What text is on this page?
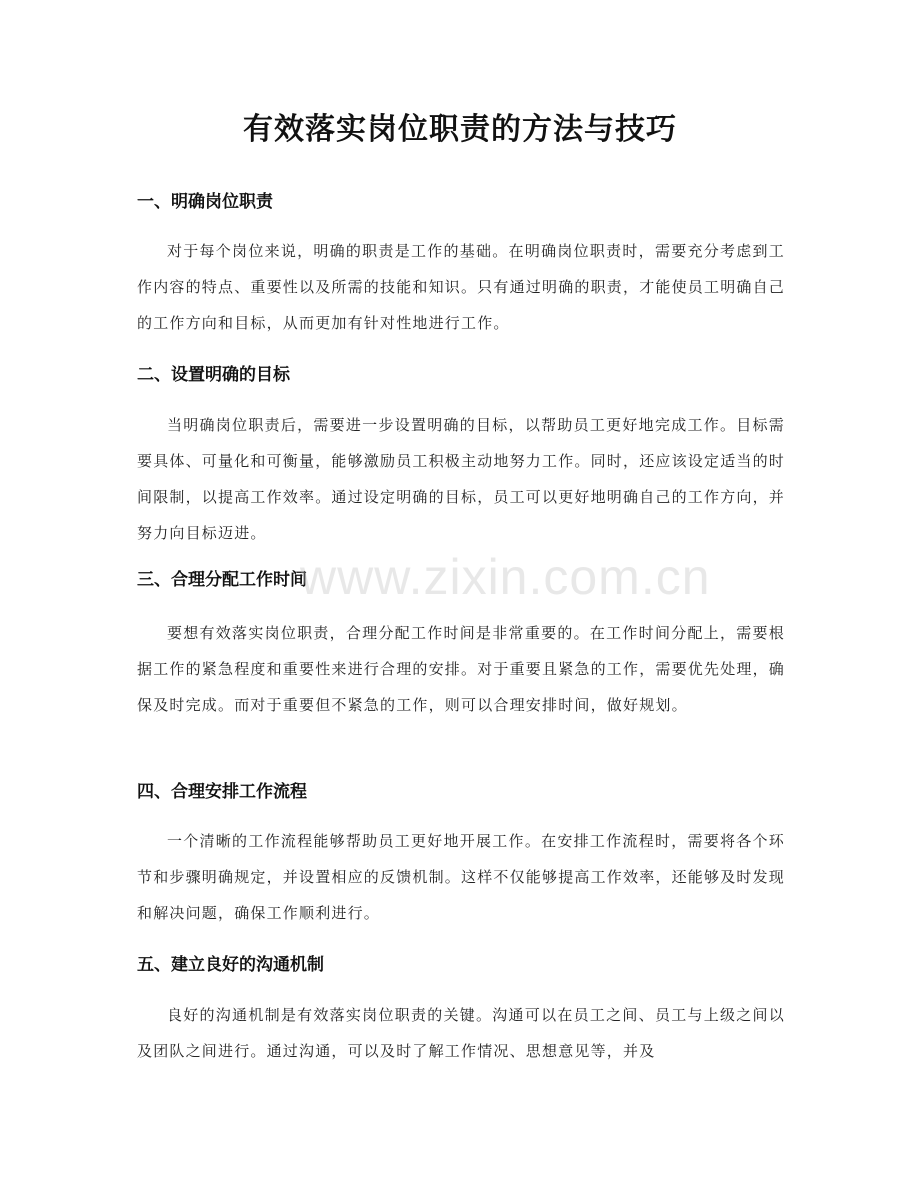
有效落实岗位职责的方法与技巧
一、明确岗位职责

对于每个岗位来说，明确的职责是工作的基础。在明确岗位职责时，需要充分考虑到工作内容的特点、重要性以及所需的技能和知识。只有通过明确的职责，才能使员工明确自己的工作方向和目标，从而更加有针对性地进行工作。

二、设置明确的目标

当明确岗位职责后，需要进一步设置明确的目标，以帮助员工更好地完成工作。目标需要具体、可量化和可衡量，能够激励员工积极主动地努力工作。同时，还应该设定适当的时间限制，以提高工作效率。通过设定明确的目标，员工可以更好地明确自己的工作方向，并努力向目标迈进。

三、合理分配工作时间

要想有效落实岗位职责，合理分配工作时间是非常重要的。在工作时间分配上，需要根据工作的紧急程度和重要性来进行合理的安排。对于重要且紧急的工作，需要优先处理，确保及时完成。而对于重要但不紧急的工作，则可以合理安排时间，做好规划。

四、合理安排工作流程

一个清晰的工作流程能够帮助员工更好地开展工作。在安排工作流程时，需要将各个环节和步骤明确规定，并设置相应的反馈机制。这样不仅能够提高工作效率，还能够及时发现和解决问题，确保工作顺利进行。

五、建立良好的沟通机制

良好的沟通机制是有效落实岗位职责的关键。沟通可以在员工之间、员工与上级之间以及团队之间进行。通过沟通，可以及时了解工作情况、思想意见等，并及

www.zixin.com.cn
